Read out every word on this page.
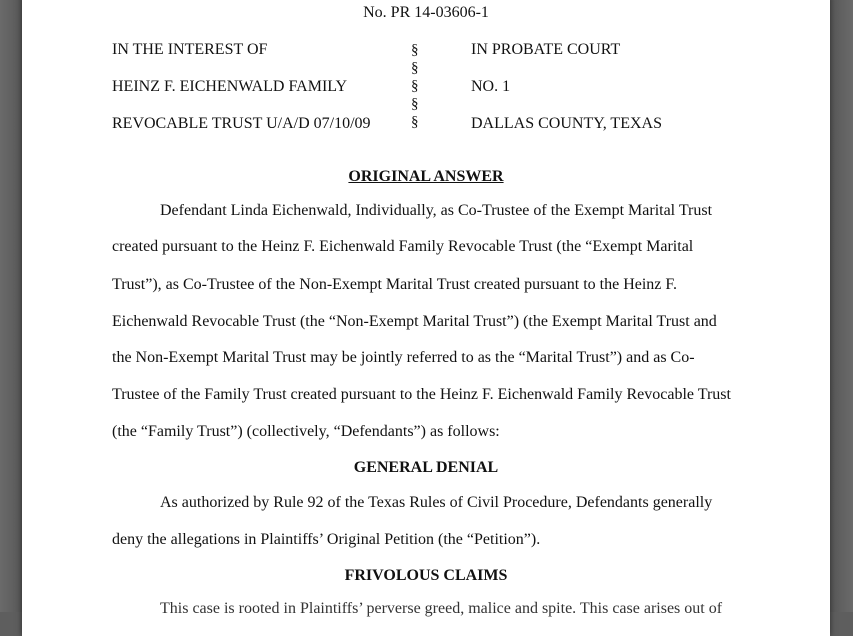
No. PR 14-03606-1
IN THE INTEREST OF
HEINZ F. EICHENWALD FAMILY
REVOCABLE TRUST U/A/D 07/10/09
§
§
§
§
§
IN PROBATE COURT
NO. 1
DALLAS COUNTY, TEXAS
ORIGINAL ANSWER
Defendant Linda Eichenwald, Individually, as Co-Trustee of the Exempt Marital Trust
created pursuant to the Heinz F. Eichenwald Family Revocable Trust (the “Exempt Marital
Trust”), as Co-Trustee of the Non-Exempt Marital Trust created pursuant to the Heinz F.
Eichenwald Revocable Trust (the “Non-Exempt Marital Trust”) (the Exempt Marital Trust and
the Non-Exempt Marital Trust may be jointly referred to as the “Marital Trust”) and as Co-
Trustee of the Family Trust created pursuant to the Heinz F. Eichenwald Family Revocable Trust
(the “Family Trust”) (collectively, “Defendants”) as follows:
GENERAL DENIAL
As authorized by Rule 92 of the Texas Rules of Civil Procedure, Defendants generally
deny the allegations in Plaintiffs’ Original Petition (the “Petition”).
FRIVOLOUS CLAIMS
This case is rooted in Plaintiffs’ perverse greed, malice and spite. This case arises out of
